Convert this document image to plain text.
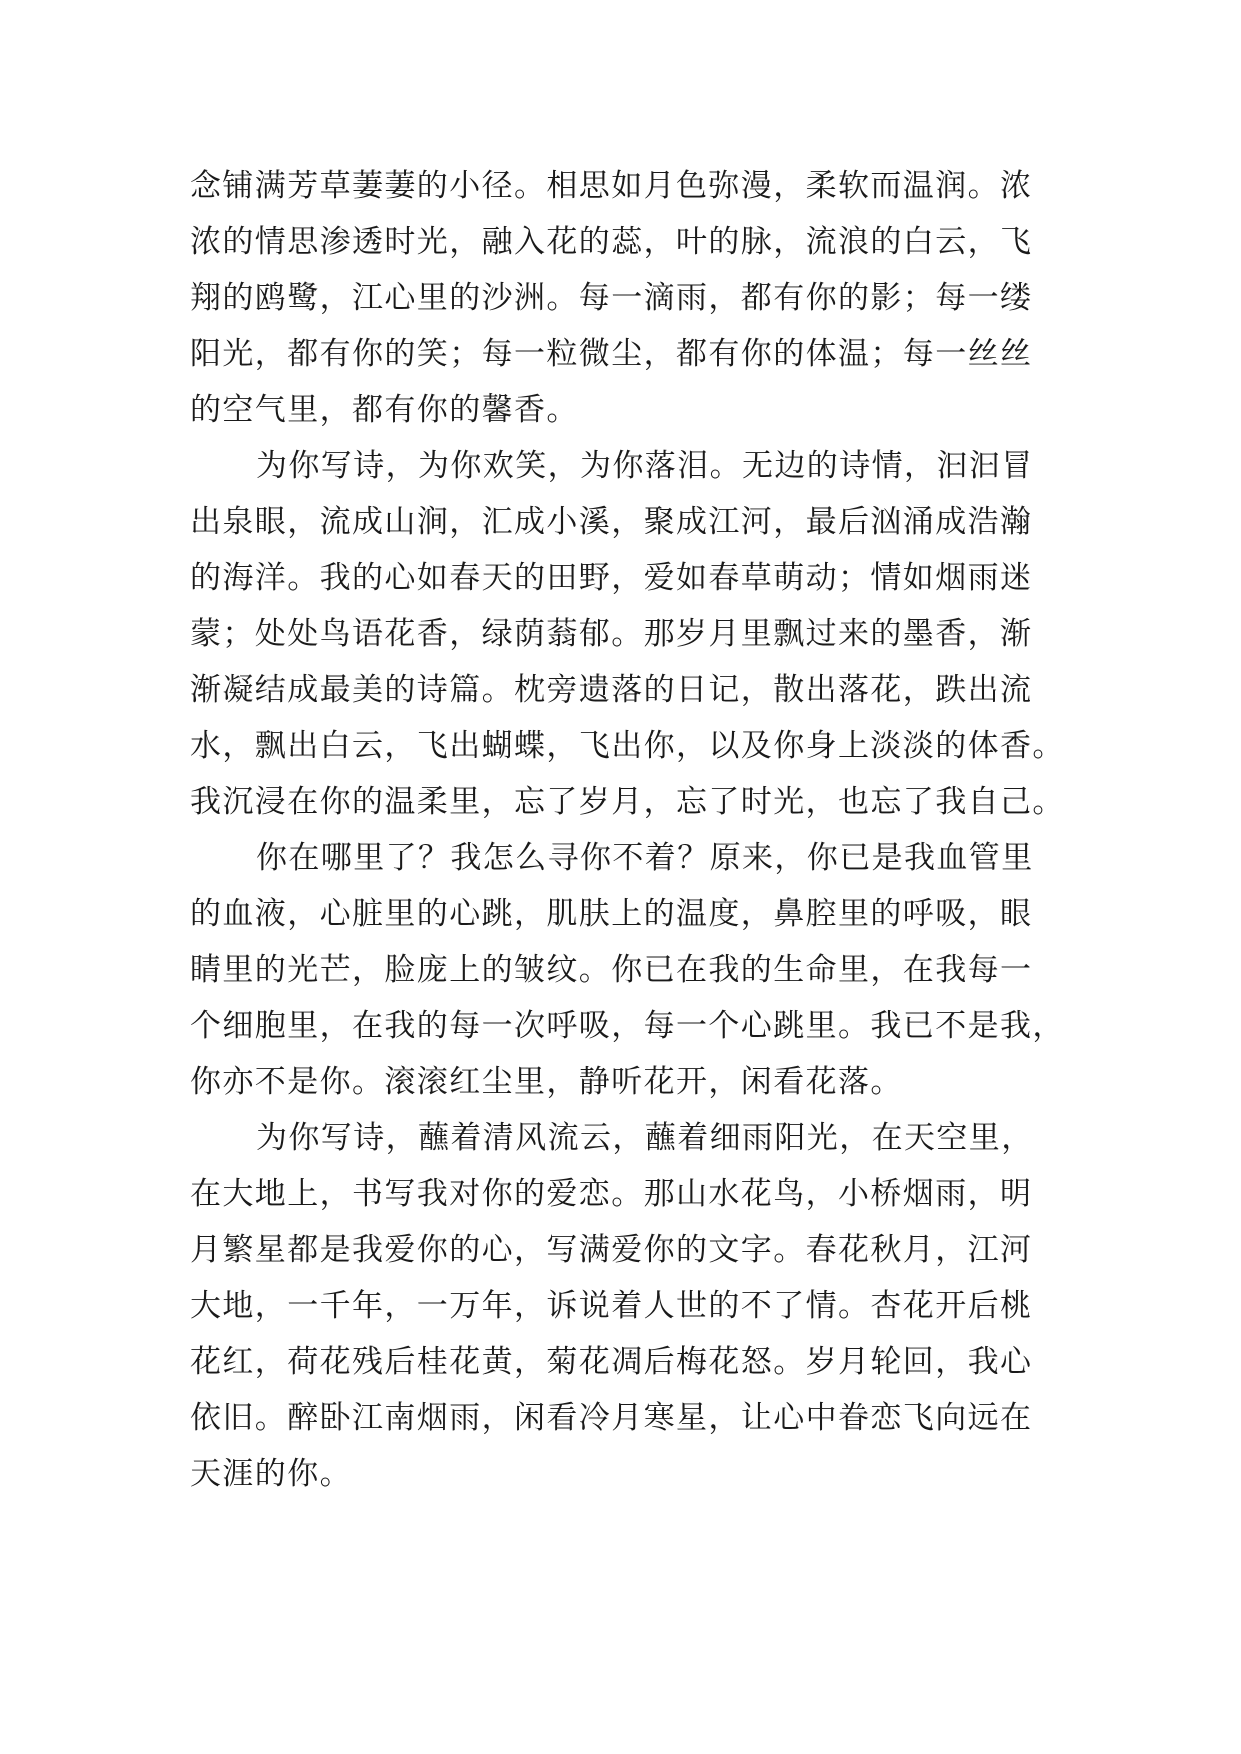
念铺满芳草萋萋的小径。相思如月色弥漫，柔软而温润。浓
浓的情思渗透时光，融入花的蕊，叶的脉，流浪的白云，飞
翔的鸥鹭，江心里的沙洲。每一滴雨，都有你的影；每一缕
阳光，都有你的笑；每一粒微尘，都有你的体温；每一丝丝
的空气里，都有你的馨香。
为你写诗，为你欢笑，为你落泪。无边的诗情，汩汩冒
出泉眼，流成山涧，汇成小溪，聚成江河，最后汹涌成浩瀚
的海洋。我的心如春天的田野，爱如春草萌动；情如烟雨迷
蒙；处处鸟语花香，绿荫蓊郁。那岁月里飘过来的墨香，渐
渐凝结成最美的诗篇。枕旁遗落的日记，散出落花，跌出流
水，飘出白云，飞出蝴蝶，飞出你，以及你身上淡淡的体香。
我沉浸在你的温柔里，忘了岁月，忘了时光，也忘了我自己。
你在哪里了？我怎么寻你不着？原来，你已是我血管里
的血液，心脏里的心跳，肌肤上的温度，鼻腔里的呼吸，眼
睛里的光芒，脸庞上的皱纹。你已在我的生命里，在我每一
个细胞里，在我的每一次呼吸，每一个心跳里。我已不是我，
你亦不是你。滚滚红尘里，静听花开，闲看花落。
为你写诗，蘸着清风流云，蘸着细雨阳光，在天空里，
在大地上，书写我对你的爱恋。那山水花鸟，小桥烟雨，明
月繁星都是我爱你的心，写满爱你的文字。春花秋月，江河
大地，一千年，一万年，诉说着人世的不了情。杏花开后桃
花红，荷花残后桂花黄，菊花凋后梅花怒。岁月轮回，我心
依旧。醉卧江南烟雨，闲看冷月寒星，让心中眷恋飞向远在
天涯的你。
